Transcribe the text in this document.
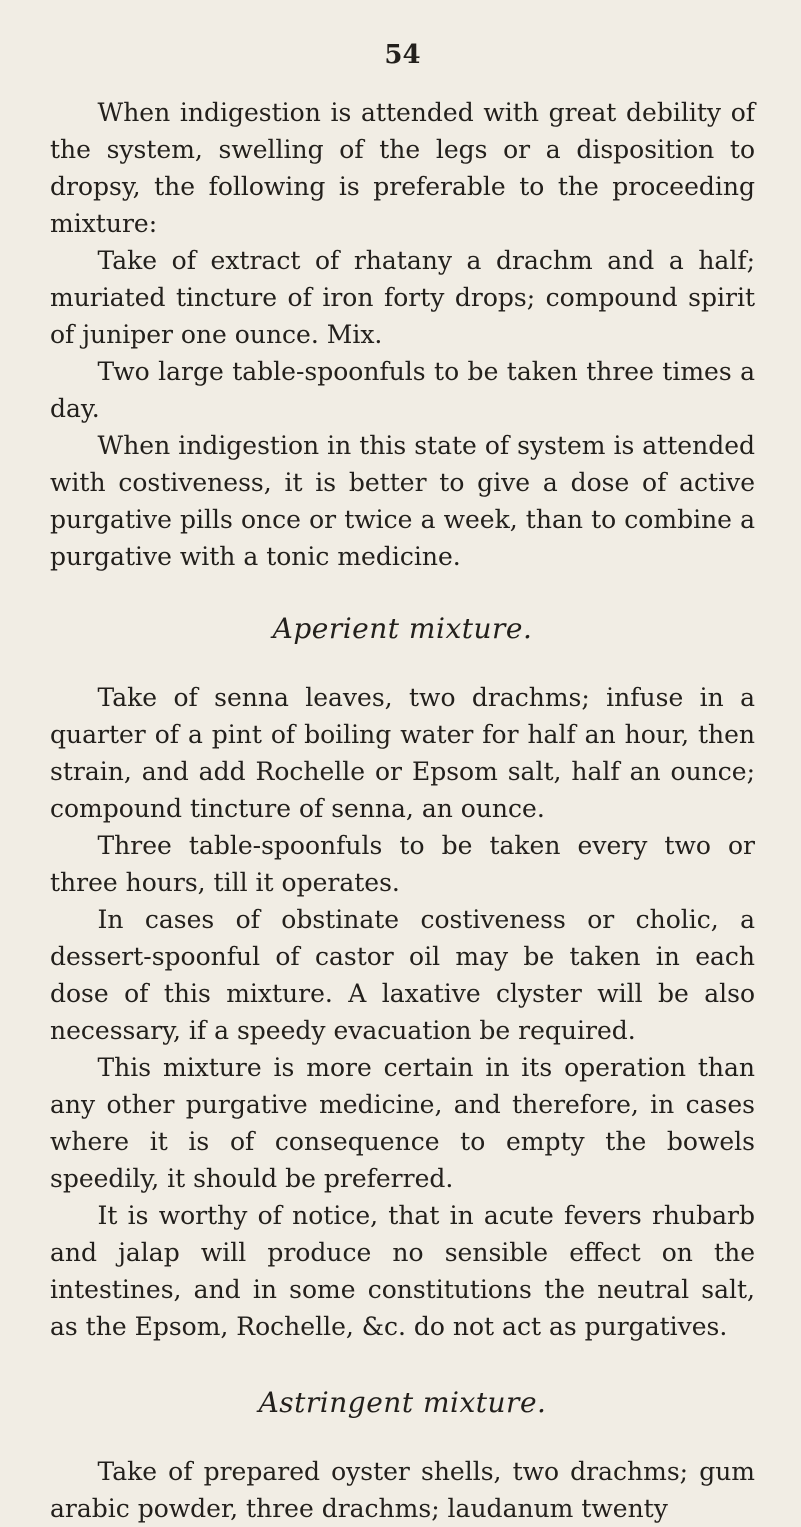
54

When indigestion is attended with great debility of the system, swelling of the legs or a disposition to dropsy, the following is preferable to the proceeding mixture:

Take of extract of rhatany a drachm and a half; muriated tincture of iron forty drops; compound spirit of juniper one ounce. Mix.

Two large table-spoonfuls to be taken three times a day.

When indigestion in this state of system is attended with costiveness, it is better to give a dose of active purgative pills once or twice a week, than to combine a purgative with a tonic medicine.

Aperient mixture.

Take of senna leaves, two drachms; infuse in a quarter of a pint of boiling water for half an hour, then strain, and add Rochelle or Epsom salt, half an ounce; compound tincture of senna, an ounce.

Three table-spoonfuls to be taken every two or three hours, till it operates.

In cases of obstinate costiveness or cholic, a dessert-spoonful of castor oil may be taken in each dose of this mixture. A laxative clyster will be also necessary, if a speedy evacuation be required.

This mixture is more certain in its operation than any other purgative medicine, and therefore, in cases where it is of consequence to empty the bowels speedily, it should be preferred.

It is worthy of notice, that in acute fevers rhubarb and jalap will produce no sensible effect on the intestines, and in some constitutions the neutral salt, as the Epsom, Rochelle, &c. do not act as purgatives.

Astringent mixture.

Take of prepared oyster shells, two drachms; gum arabic powder, three drachms; laudanum twenty
